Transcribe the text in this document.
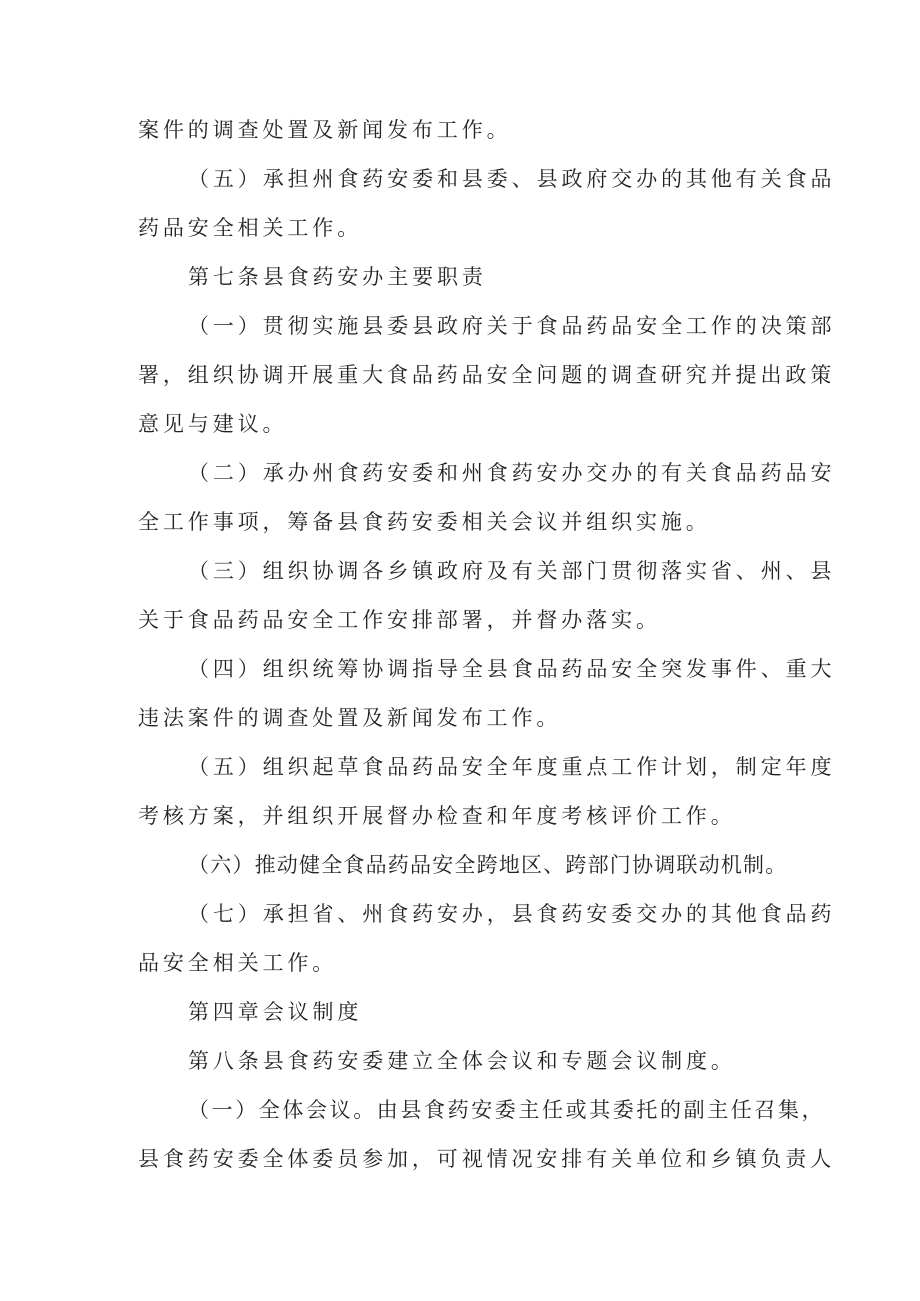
案件的调查处置及新闻发布工作。
（五）承担州食药安委和县委、县政府交办的其他有关食品
药品安全相关工作。
第七条县食药安办主要职责
（一）贯彻实施县委县政府关于食品药品安全工作的决策部
署，组织协调开展重大食品药品安全问题的调查研究并提出政策
意见与建议。
（二）承办州食药安委和州食药安办交办的有关食品药品安
全工作事项，筹备县食药安委相关会议并组织实施。
（三）组织协调各乡镇政府及有关部门贯彻落实省、州、县
关于食品药品安全工作安排部署，并督办落实。
（四）组织统筹协调指导全县食品药品安全突发事件、重大
违法案件的调查处置及新闻发布工作。
（五）组织起草食品药品安全年度重点工作计划，制定年度
考核方案，并组织开展督办检查和年度考核评价工作。
（六）推动健全食品药品安全跨地区、跨部门协调联动机制。
（七）承担省、州食药安办，县食药安委交办的其他食品药
品安全相关工作。
第四章会议制度
第八条县食药安委建立全体会议和专题会议制度。
（一）全体会议。由县食药安委主任或其委托的副主任召集，
县食药安委全体委员参加，可视情况安排有关单位和乡镇负责人
